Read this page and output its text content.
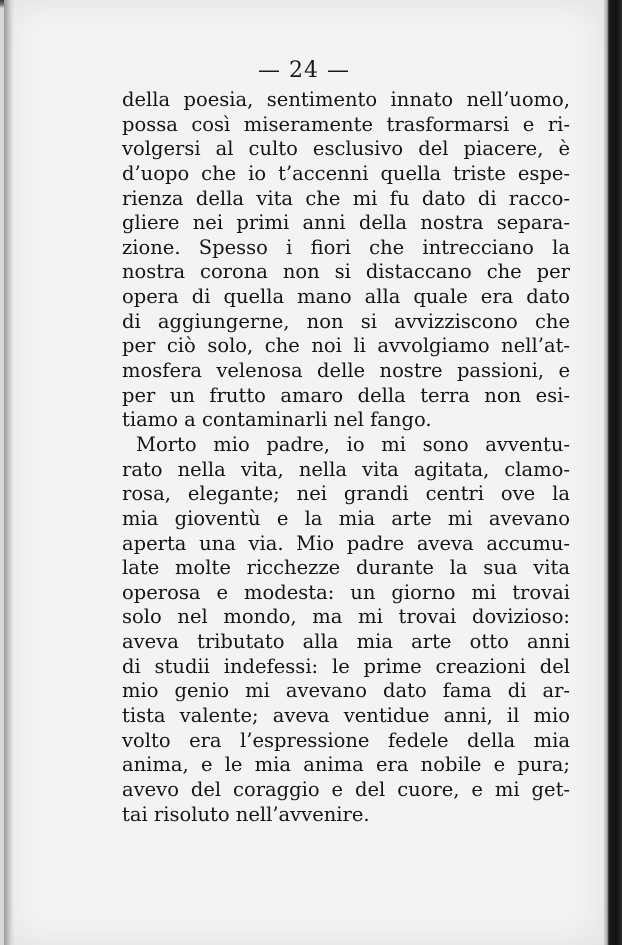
— 24 —
della poesia, sentimento innato nell’uomo,
possa così miseramente trasformarsi e ri-
volgersi al culto esclusivo del piacere, è
d’uopo che io t’accenni quella triste espe-
rienza della vita che mi fu dato di racco-
gliere nei primi anni della nostra separa-
zione. Spesso i fiori che intrecciano la
nostra corona non si distaccano che per
opera di quella mano alla quale era dato
di aggiungerne, non si avvizziscono che
per ciò solo, che noi li avvolgiamo nell’at-
mosfera velenosa delle nostre passioni, e
per un frutto amaro della terra non esi-
tiamo a contaminarli nel fango.
Morto mio padre, io mi sono avventu-
rato nella vita, nella vita agitata, clamo-
rosa, elegante; nei grandi centri ove la
mia gioventù e la mia arte mi avevano
aperta una via. Mio padre aveva accumu-
late molte ricchezze durante la sua vita
operosa e modesta: un giorno mi trovai
solo nel mondo, ma mi trovai dovizioso:
aveva tributato alla mia arte otto anni
di studii indefessi: le prime creazioni del
mio genio mi avevano dato fama di ar-
tista valente; aveva ventidue anni, il mio
volto era l’espressione fedele della mia
anima, e le mia anima era nobile e pura;
avevo del coraggio e del cuore, e mi get-
tai risoluto nell’avvenire.
